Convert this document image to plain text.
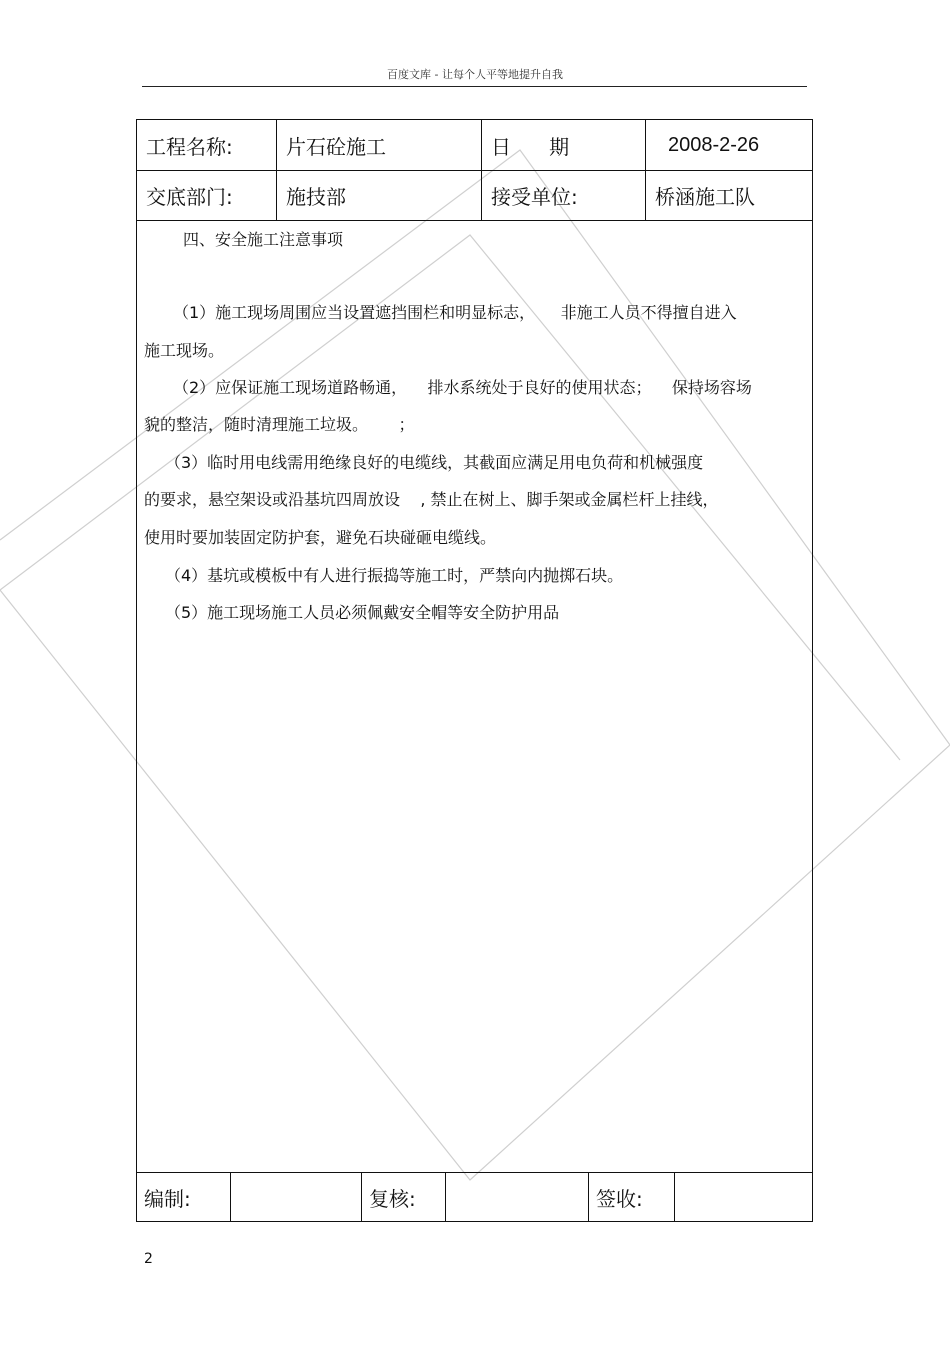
百度文库 - 让每个人平等地提升自我
工程名称:	片石砼施工	日      期	2008-2-26
交底部门:	施技部	接受单位:	桥涵施工队

四、安全施工注意事项

（1）施工现场周围应当设置遮挡围栏和明显标志，     非施工人员不得擅自进入

施工现场。

（2）应保证施工现场道路畅通，    排水系统处于良好的使用状态；    保持场容场

貌的整洁，随时清理施工垃圾。      ；

（3）临时用电线需用绝缘良好的电缆线，其截面应满足用电负荷和机械强度

的要求，悬空架设或沿基坑四周放设    , 禁止在树上、脚手架或金属栏杆上挂线，

使用时要加装固定防护套，避免石块碰砸电缆线。

（4）基坑或模板中有人进行振捣等施工时，严禁向内抛掷石块。

（5）施工现场施工人员必须佩戴安全帽等安全防护用品

编制:	复核:	签收:
2
